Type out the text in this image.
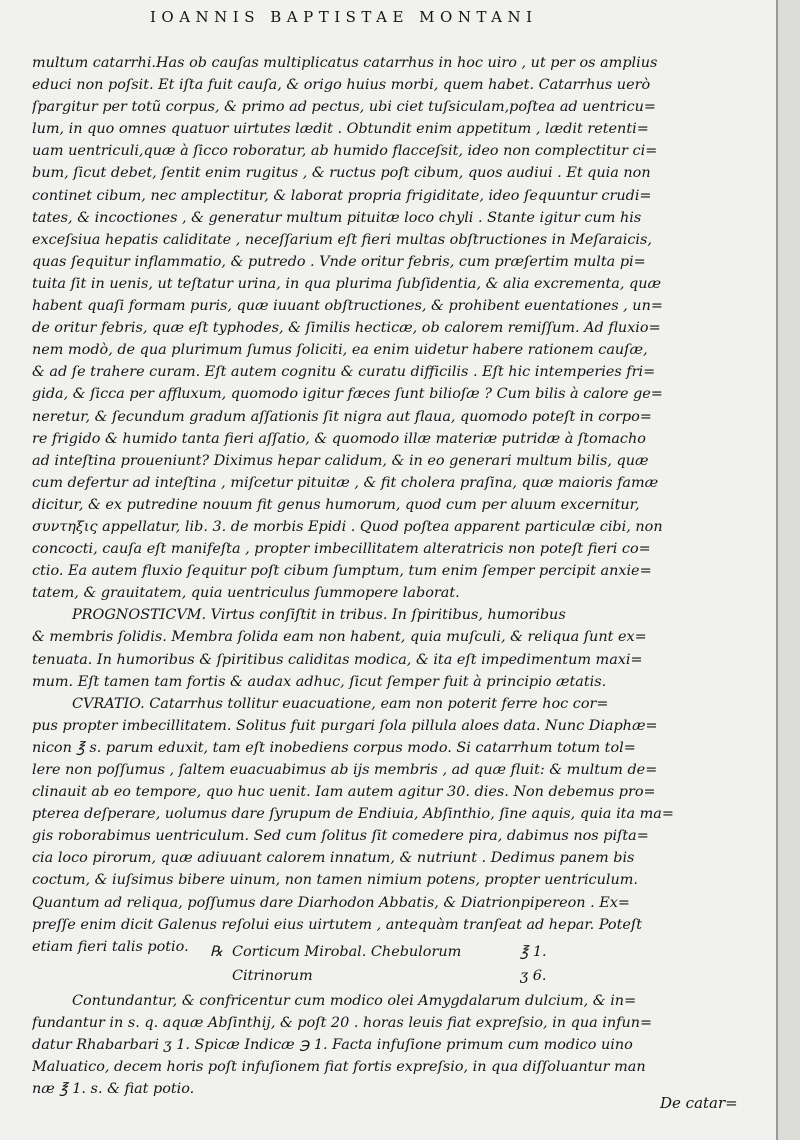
IOANNIS BAPTISTAE MONTANI
multum catarrhi.Has ob cauſas multiplicatus catarrhus in hoc uiro , ut per os amplius
educi non poſsit. Et iſta fuit cauſa, & origo huius morbi, quem habet. Catarrhus uerò
ſpargitur per totũ corpus, & primo ad pectus, ubi ciet tuſsiculam,poſtea ad uentricu=
lum, in quo omnes quatuor uirtutes lædit . Obtundit enim appetitum , lædit retenti=
uam uentriculi,quæ à ſicco roboratur, ab humido flacceſsit, ideo non complectitur ci=
bum, ſicut debet, ſentit enim rugitus , & ructus poſt cibum, quos audiui . Et quia non
continet cibum, nec amplectitur, & laborat propria frigiditate, ideo ſequuntur crudi=
tates, & incoctiones , & generatur multum pituitæ loco chyli . Stante igitur cum his
exceſsiua hepatis caliditate , neceſſarium eſt fieri multas obſtructiones in Meſaraicis,
quas ſequitur inflammatio, & putredo . Vnde oritur febris, cum præſertim multa pi=
tuita ſit in uenis, ut teſtatur urina, in qua plurima ſubſidentia, & alia excrementa, quæ
habent quaſi formam puris, quæ iuuant obſtructiones, & prohibent euentationes , un=
de oritur febris, quæ eſt typhodes, & ſimilis hecticæ, ob calorem remiſſum. Ad fluxio=
nem modò, de qua plurimum ſumus ſoliciti, ea enim uidetur habere rationem cauſæ,
& ad ſe trahere curam. Eſt autem cognitu & curatu difficilis . Eſt hic intemperies fri=
gida, & ſicca per affluxum, quomodo igitur fæces ſunt bilioſæ ? Cum bilis à calore ge=
neretur, & ſecundum gradum aſſationis ſit nigra aut flaua, quomodo poteſt in corpo=
re frigido & humido tanta fieri aſſatio, & quomodo illæ materiæ putridæ à ſtomacho
ad inteſtina proueniunt? Diximus hepar calidum, & in eo generari multum bilis, quæ
cum defertur ad inteſtina , miſcetur pituitæ , & fit cholera praſina, quæ maioris famæ
dicitur, & ex putredine nouum fit genus humorum, quod cum per aluum excernitur,
συντηξις appellatur, lib. 3. de morbis Epidi . Quod poſtea apparent particulæ cibi, non
concocti, cauſa eſt manifeſta , propter imbecillitatem alteratricis non poteſt fieri co=
ctio. Ea autem fluxio ſequitur poſt cibum ſumptum, tum enim ſemper percipit anxie=
tatem, & grauitatem, quia uentriculus ſummopere laborat.
PROGNOSTICVM. Virtus conſiſtit in tribus. In ſpiritibus, humoribus
& membris ſolidis. Membra ſolida eam non habent, quia muſculi, & reliqua ſunt ex=
tenuata. In humoribus & ſpiritibus caliditas modica, & ita eſt impedimentum maxi=
mum. Eſt tamen tam fortis & audax adhuc, ſicut ſemper fuit à principio ætatis.
CVRATIO. Catarrhus tollitur euacuatione, eam non poterit ferre hoc cor=
pus propter imbecillitatem. Solitus fuit purgari ſola pillula aloes data. Nunc Diaphæ=
nicon ℥ s. parum eduxit, tam eſt inobediens corpus modo. Si catarrhum totum tol=
lere non poſſumus , ſaltem euacuabimus ab ijs membris , ad quæ fluit: & multum de=
clinauit ab eo tempore, quo huc uenit. Iam autem agitur 30. dies. Non debemus pro=
pterea deſperare, uolumus dare ſyrupum de Endiuia, Abſinthio, ſine aquis, quia ita ma=
gis roborabimus uentriculum. Sed cum ſolitus ſit comedere pira, dabimus nos piſta=
cia loco pirorum, quæ adiuuant calorem innatum, & nutriunt . Dedimus panem bis
coctum, & iuſsimus bibere uinum, non tamen nimium potens, propter uentriculum.
Quantum ad reliqua, poſſumus dare Diarhodon Abbatis, & Diatrionpipereon . Ex=
preſſe enim dicit Galenus reſolui eius uirtutem , antequàm tranſeat ad hepar. Poteſt
etiam fieri talis potio.	℞ Corticum Mirobal. Chebulorum	℥ 1.
Citrinorum	ʒ 6.
Contundantur, & confricentur cum modico olei Amygdalarum dulcium, & in=
fundantur in s. q. aquæ Abſinthij, & poſt 20 . horas leuis fiat expreſsio, in qua infun=
datur Rhabarbari ʒ 1. Spicæ Indicæ ℈ 1. Facta infuſione primum cum modico uino
Maluatico, decem horis poſt infuſionem fiat fortis expreſsio, in qua diſſoluantur man
næ ℥ 1. s. & fiat potio.
De catar=
